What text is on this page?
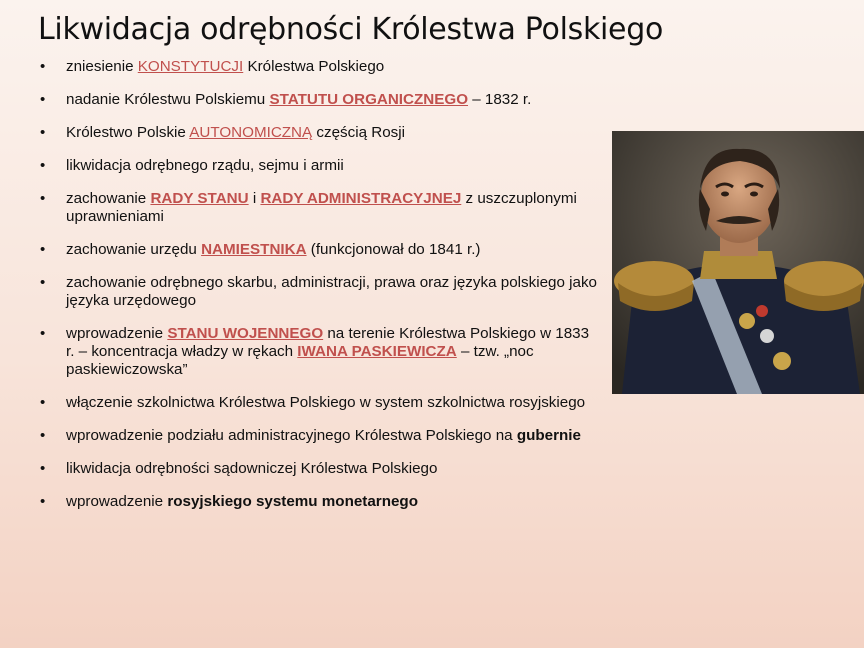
Likwidacja odrębności Królestwa Polskiego
• zniesienie KONSTYTUCJI Królestwa Polskiego
• nadanie Królestwu Polskiemu STATUTU ORGANICZNEGO – 1832 r.
• Królestwo Polskie AUTONOMICZNĄ częścią Rosji
• likwidacja odrębnego rządu, sejmu i armii
• zachowanie RADY STANU i RADY ADMINISTRACYJNEJ z uszczuplonymi uprawnieniami
• zachowanie urzędu NAMIESTNIKA (funkcjonował do 1841 r.)
• zachowanie odrębnego skarbu, administracji, prawa oraz języka polskiego jako języka urzędowego
• wprowadzenie STANU WOJENNEGO na terenie Królestwa Polskiego w 1833 r. – koncentracja władzy w rękach IWANA PASKIEWICZA – tzw. „noc paskiewiczowska”
• włączenie szkolnictwa Królestwa Polskiego w system szkolnictwa rosyjskiego
• wprowadzenie podziału administracyjnego Królestwa Polskiego na gubernie
• likwidacja odrębności sądowniczej Królestwa Polskiego
• wprowadzenie rosyjskiego systemu monetarnego
